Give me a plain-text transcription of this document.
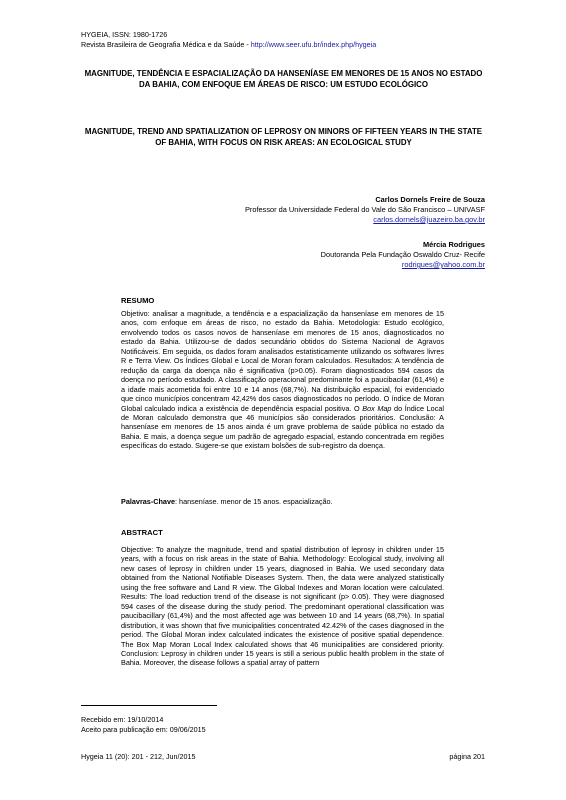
HYGEIA, ISSN: 1980-1726
Revista Brasileira de Geografia Médica e da Saúde - http://www.seer.ufu.br/index.php/hygeia
MAGNITUDE, TENDÊNCIA E ESPACIALIZAÇÃO DA HANSENÍASE EM MENORES DE 15 ANOS NO ESTADO DA BAHIA, COM ENFOQUE EM ÁREAS DE RISCO: UM ESTUDO ECOLÓGICO
MAGNITUDE, TREND AND SPATIALIZATION OF LEPROSY ON MINORS OF FIFTEEN YEARS IN THE STATE OF BAHIA, WITH FOCUS ON RISK AREAS: AN ECOLOGICAL STUDY
Carlos Dornels Freire de Souza
Professor da Universidade Federal do Vale do São Francisco – UNIVASF
carlos.dornels@juazeiro.ba.gov.br
Mércia Rodrigues
Doutoranda Pela Fundação Oswaldo Cruz- Recife
rodrigues@yahoo.com.br
RESUMO
Objetivo: analisar a magnitude, a tendência e a espacialização da hanseníase em menores de 15 anos, com enfoque em áreas de risco, no estado da Bahia. Metodologia: Estudo ecológico, envolvendo todos os casos novos de hanseníase em menores de 15 anos, diagnosticados no estado da Bahia. Utilizou-se de dados secundário obtidos do Sistema Nacional de Agravos Notificáveis. Em seguida, os dados foram analisados estatisticamente utilizando os softwares livres R e Terra View. Os Índices Global e Local de Moran foram calculados. Resultados: A tendência de redução da carga da doença não é significativa (p>0.05). Foram diagnosticados 594 casos da doença no período estudado. A classificação operacional predominante foi a paucibacilar (61,4%) e a idade mais acometida foi entre 10 e 14 anos (68,7%). Na distribuição espacial, foi evidenciado que cinco municípios concentram 42,42% dos casos diagnosticados no período. O índice de Moran Global calculado indica a existência de dependência espacial positiva. O Box Map do Índice Local de Moran calculado demonstra que 46 municípios são considerados prioritários. Conclusão: A hanseníase em menores de 15 anos ainda é um grave problema de saúde pública no estado da Bahia. E mais, a doença segue um padrão de agregado espacial, estando concentrada em regiões específicas do estado. Sugere-se que existam bolsões de sub-registro da doença.
Palavras-Chave: hanseníase. menor de 15 anos. espacialização.
ABSTRACT
Objective: To analyze the magnitude, trend and spatial distribution of leprosy in children under 15 years, with a focus on risk areas in the state of Bahia. Methodology: Ecological study, involving all new cases of leprosy in children under 15 years, diagnosed in Bahia. We used secondary data obtained from the National Notifiable Diseases System. Then, the data were analyzed statistically using the free software and Land R view. The Global Indexes and Moran location were calculated. Results: The load reduction trend of the disease is not significant (p> 0.05). They were diagnosed 594 cases of the disease during the study period. The predominant operational classification was paucibacillary (61,4%) and the most affected age was between 10 and 14 years (68,7%). In spatial distribution, it was shown that five municipalities concentrated 42.42% of the cases diagnosed in the period. The Global Moran index calculated indicates the existence of positive spatial dependence. The Box Map Moran Local Index calculated shows that 46 municipalities are considered priority. Conclusion: Leprosy in children under 15 years is still a serious public health problem in the state of Bahia. Moreover, the disease follows a spatial array of pattern
Recebido em: 19/10/2014
Aceito para publicação em: 09/06/2015
Hygeia 11 (20): 201 - 212, Jun/2015	página 201
